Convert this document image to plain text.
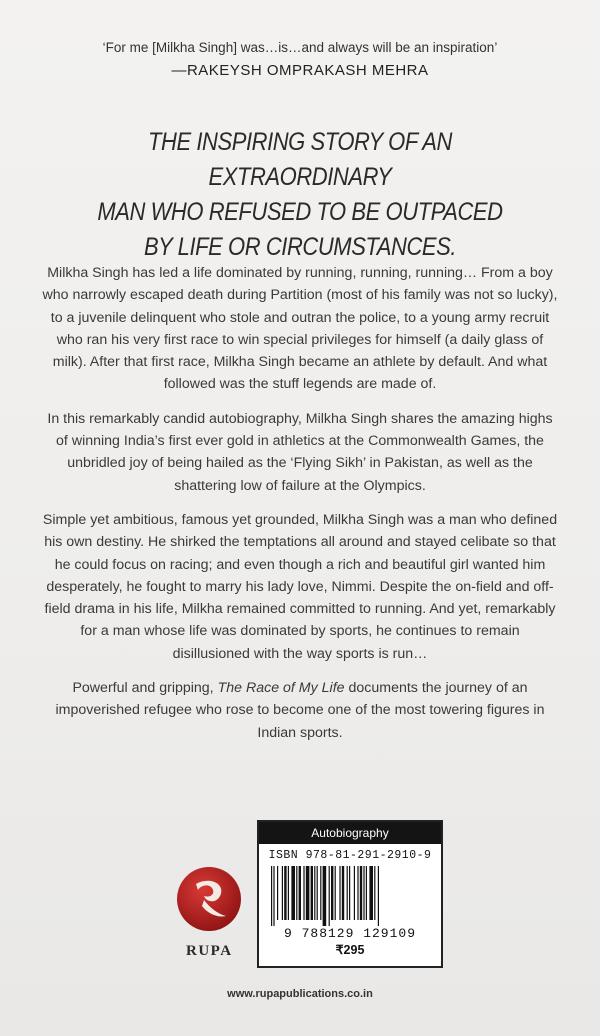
‘For me [Milkha Singh] was…is…and always will be an inspiration’
—RAKEYSH OMPRAKASH MEHRA
THE INSPIRING STORY OF AN EXTRAORDINARY
MAN WHO REFUSED TO BE OUTPACED
BY LIFE OR CIRCUMSTANCES.

Milkha Singh has led a life dominated by running, running, running… From a boy who narrowly escaped death during Partition (most of his family was not so lucky), to a juvenile delinquent who stole and outran the police, to a young army recruit who ran his very first race to win special privileges for himself (a daily glass of milk). After that first race, Milkha Singh became an athlete by default. And what followed was the stuff legends are made of.

In this remarkably candid autobiography, Milkha Singh shares the amazing highs of winning India’s first ever gold in athletics at the Commonwealth Games, the unbridled joy of being hailed as the ‘Flying Sikh’ in Pakistan, as well as the shattering low of failure at the Olympics.

Simple yet ambitious, famous yet grounded, Milkha Singh was a man who defined his own destiny. He shirked the temptations all around and stayed celibate so that he could focus on racing; and even though a rich and beautiful girl wanted him desperately, he fought to marry his lady love, Nimmi. Despite the on-field and off-field drama in his life, Milkha remained committed to running. And yet, remarkably for a man whose life was dominated by sports, he continues to remain disillusioned with the way sports is run…

Powerful and gripping, The Race of My Life documents the journey of an impoverished refugee who rose to become one of the most towering figures in Indian sports.

RUPA
Autobiography
ISBN 978-81-291-2910-9
9 788129 129109
₹295
www.rupapublications.co.in
